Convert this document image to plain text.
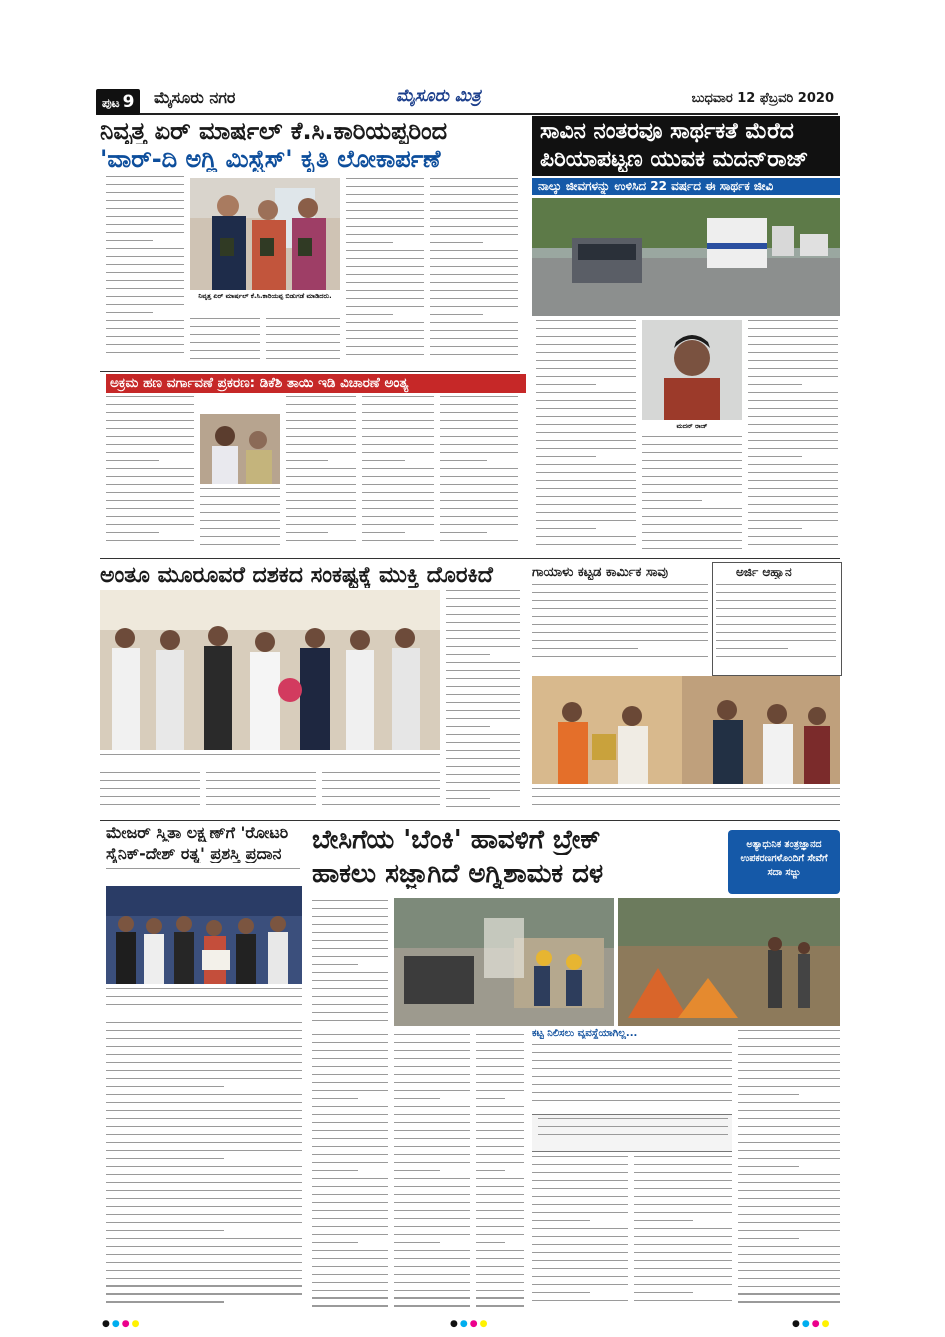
ಪುಟ 9	ಮೈಸೂರು ನಗರ	ಮೈಸೂರು ಮಿತ್ರ	ಬುಧವಾರ 12 ಫೆಬ್ರವರಿ 2020
ನಿವೃತ್ತ ಏರ್ ಮಾರ್ಷಲ್ ಕೆ.ಸಿ.ಕಾರಿಯಪ್ಪರಿಂದ
'ವಾರ್-ದಿ ಅಗ್ಲಿ ಮಿಸ್ಟ್ರೆಸ್' ಕೃತಿ ಲೋಕಾರ್ಪಣೆ
ನಿವೃತ್ತ ಏರ್ ಮಾರ್ಷಲ್ ಕೆ.ಸಿ.ಕಾರಿಯಪ್ಪ ಬಿಡುಗಡೆ ಮಾಡಿದರು.
ಅಕ್ರಮ ಹಣ ವರ್ಗಾವಣೆ ಪ್ರಕರಣ: ಡಿಕೆಶಿ ತಾಯಿ ಇಡಿ ವಿಚಾರಣೆ ಅಂತ್ಯ
ಸಾವಿನ ನಂತರವೂ ಸಾರ್ಥಕತೆ ಮೆರೆದ
ಪಿರಿಯಾಪಟ್ಟಣ ಯುವಕ ಮದನ್‌ರಾಜ್
ನಾಲ್ಕು ಜೀವಗಳನ್ನು ಉಳಿಸಿದ 22 ವರ್ಷದ ಈ ಸಾರ್ಥಕ ಜೀವಿ
ಮದನ್ ರಾಜ್
ಅಂತೂ ಮೂರೂವರೆ ದಶಕದ ಸಂಕಷ್ಟಕ್ಕೆ ಮುಕ್ತಿ ದೊರಕಿದೆ	ಗಾಯಾಳು ಕಟ್ಟಡ ಕಾರ್ಮಿಕ ಸಾವು	ಅರ್ಜಿ ಆಹ್ವಾನ
ಮೇಜರ್ ಸ್ಮಿತಾ ಲಕ್ಷ್ಮಣ್‌ಗೆ 'ರೋಟರಿ
ಸೈನಿಕ್-ದೇಶ್ ರತ್ನ' ಪ್ರಶಸ್ತಿ ಪ್ರದಾನ	ಬೇಸಿಗೆಯ 'ಬೆಂಕಿ' ಹಾವಳಿಗೆ ಬ್ರೇಕ್
ಹಾಕಲು ಸಜ್ಜಾಗಿದೆ ಅಗ್ನಿಶಾಮಕ ದಳ
ಅತ್ಯಾಧುನಿಕ ತಂತ್ರಜ್ಞಾನದ ಉಪಕರಣಗಳೊಂದಿಗೆ ಸೇವೆಗೆ ಸದಾ ಸಜ್ಜು
ಕಟ್ಟ ನಿಲಿಸಲು ವ್ಯವಸ್ಥೆಯಾಗಿಲ್ಲ...
●●●●	●●●●	●●●●
